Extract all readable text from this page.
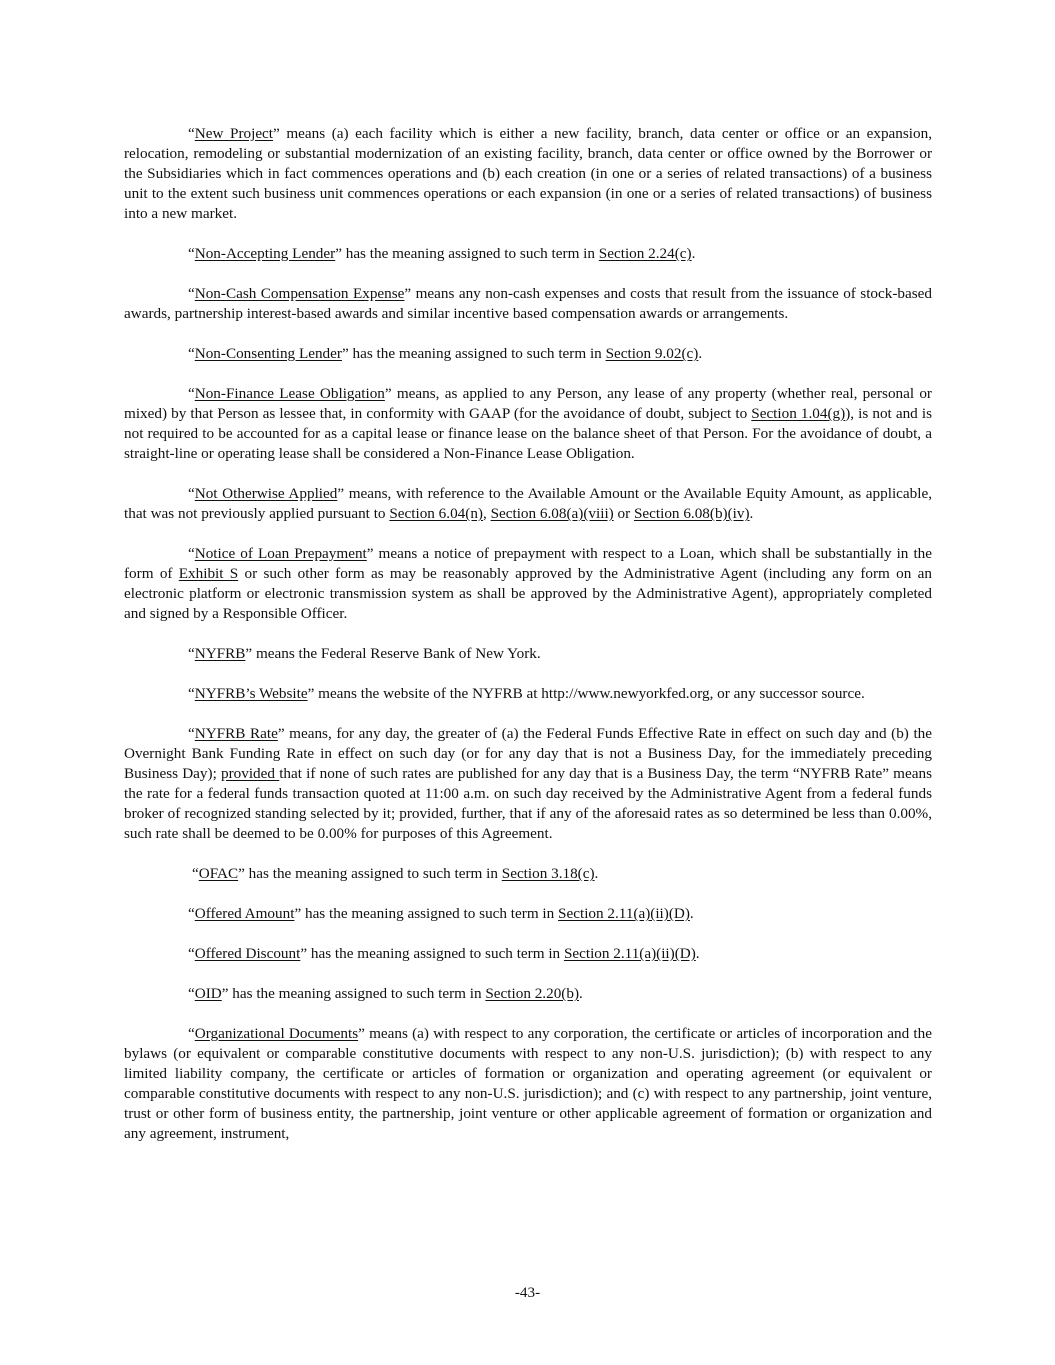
“New Project” means (a) each facility which is either a new facility, branch, data center or office or an expansion, relocation, remodeling or substantial modernization of an existing facility, branch, data center or office owned by the Borrower or the Subsidiaries which in fact commences operations and (b) each creation (in one or a series of related transactions) of a business unit to the extent such business unit commences operations or each expansion (in one or a series of related transactions) of business into a new market.

“Non-Accepting Lender” has the meaning assigned to such term in Section 2.24(c).

“Non-Cash Compensation Expense” means any non-cash expenses and costs that result from the issuance of stock-based awards, partnership interest-based awards and similar incentive based compensation awards or arrangements.

“Non-Consenting Lender” has the meaning assigned to such term in Section 9.02(c).

“Non-Finance Lease Obligation” means, as applied to any Person, any lease of any property (whether real, personal or mixed) by that Person as lessee that, in conformity with GAAP (for the avoidance of doubt, subject to Section 1.04(g)), is not and is not required to be accounted for as a capital lease or finance lease on the balance sheet of that Person. For the avoidance of doubt, a straight-line or operating lease shall be considered a Non-Finance Lease Obligation.

“Not Otherwise Applied” means, with reference to the Available Amount or the Available Equity Amount, as applicable, that was not previously applied pursuant to Section 6.04(n), Section 6.08(a)(viii) or Section 6.08(b)(iv).

“Notice of Loan Prepayment” means a notice of prepayment with respect to a Loan, which shall be substantially in the form of Exhibit S or such other form as may be reasonably approved by the Administrative Agent (including any form on an electronic platform or electronic transmission system as shall be approved by the Administrative Agent), appropriately completed and signed by a Responsible Officer.

“NYFRB” means the Federal Reserve Bank of New York.

“NYFRB’s Website” means the website of the NYFRB at http://www.newyorkfed.org, or any successor source.

“NYFRB Rate” means, for any day, the greater of (a) the Federal Funds Effective Rate in effect on such day and (b) the Overnight Bank Funding Rate in effect on such day (or for any day that is not a Business Day, for the immediately preceding Business Day); provided that if none of such rates are published for any day that is a Business Day, the term “NYFRB Rate” means the rate for a federal funds transaction quoted at 11:00 a.m. on such day received by the Administrative Agent from a federal funds broker of recognized standing selected by it; provided, further, that if any of the aforesaid rates as so determined be less than 0.00%, such rate shall be deemed to be 0.00% for purposes of this Agreement.

“OFAC” has the meaning assigned to such term in Section 3.18(c).

“Offered Amount” has the meaning assigned to such term in Section 2.11(a)(ii)(D).

“Offered Discount” has the meaning assigned to such term in Section 2.11(a)(ii)(D).

“OID” has the meaning assigned to such term in Section 2.20(b).

“Organizational Documents” means (a) with respect to any corporation, the certificate or articles of incorporation and the bylaws (or equivalent or comparable constitutive documents with respect to any non-U.S. jurisdiction); (b) with respect to any limited liability company, the certificate or articles of formation or organization and operating agreement (or equivalent or comparable constitutive documents with respect to any non-U.S. jurisdiction); and (c) with respect to any partnership, joint venture, trust or other form of business entity, the partnership, joint venture or other applicable agreement of formation or organization and any agreement, instrument,

-43-
